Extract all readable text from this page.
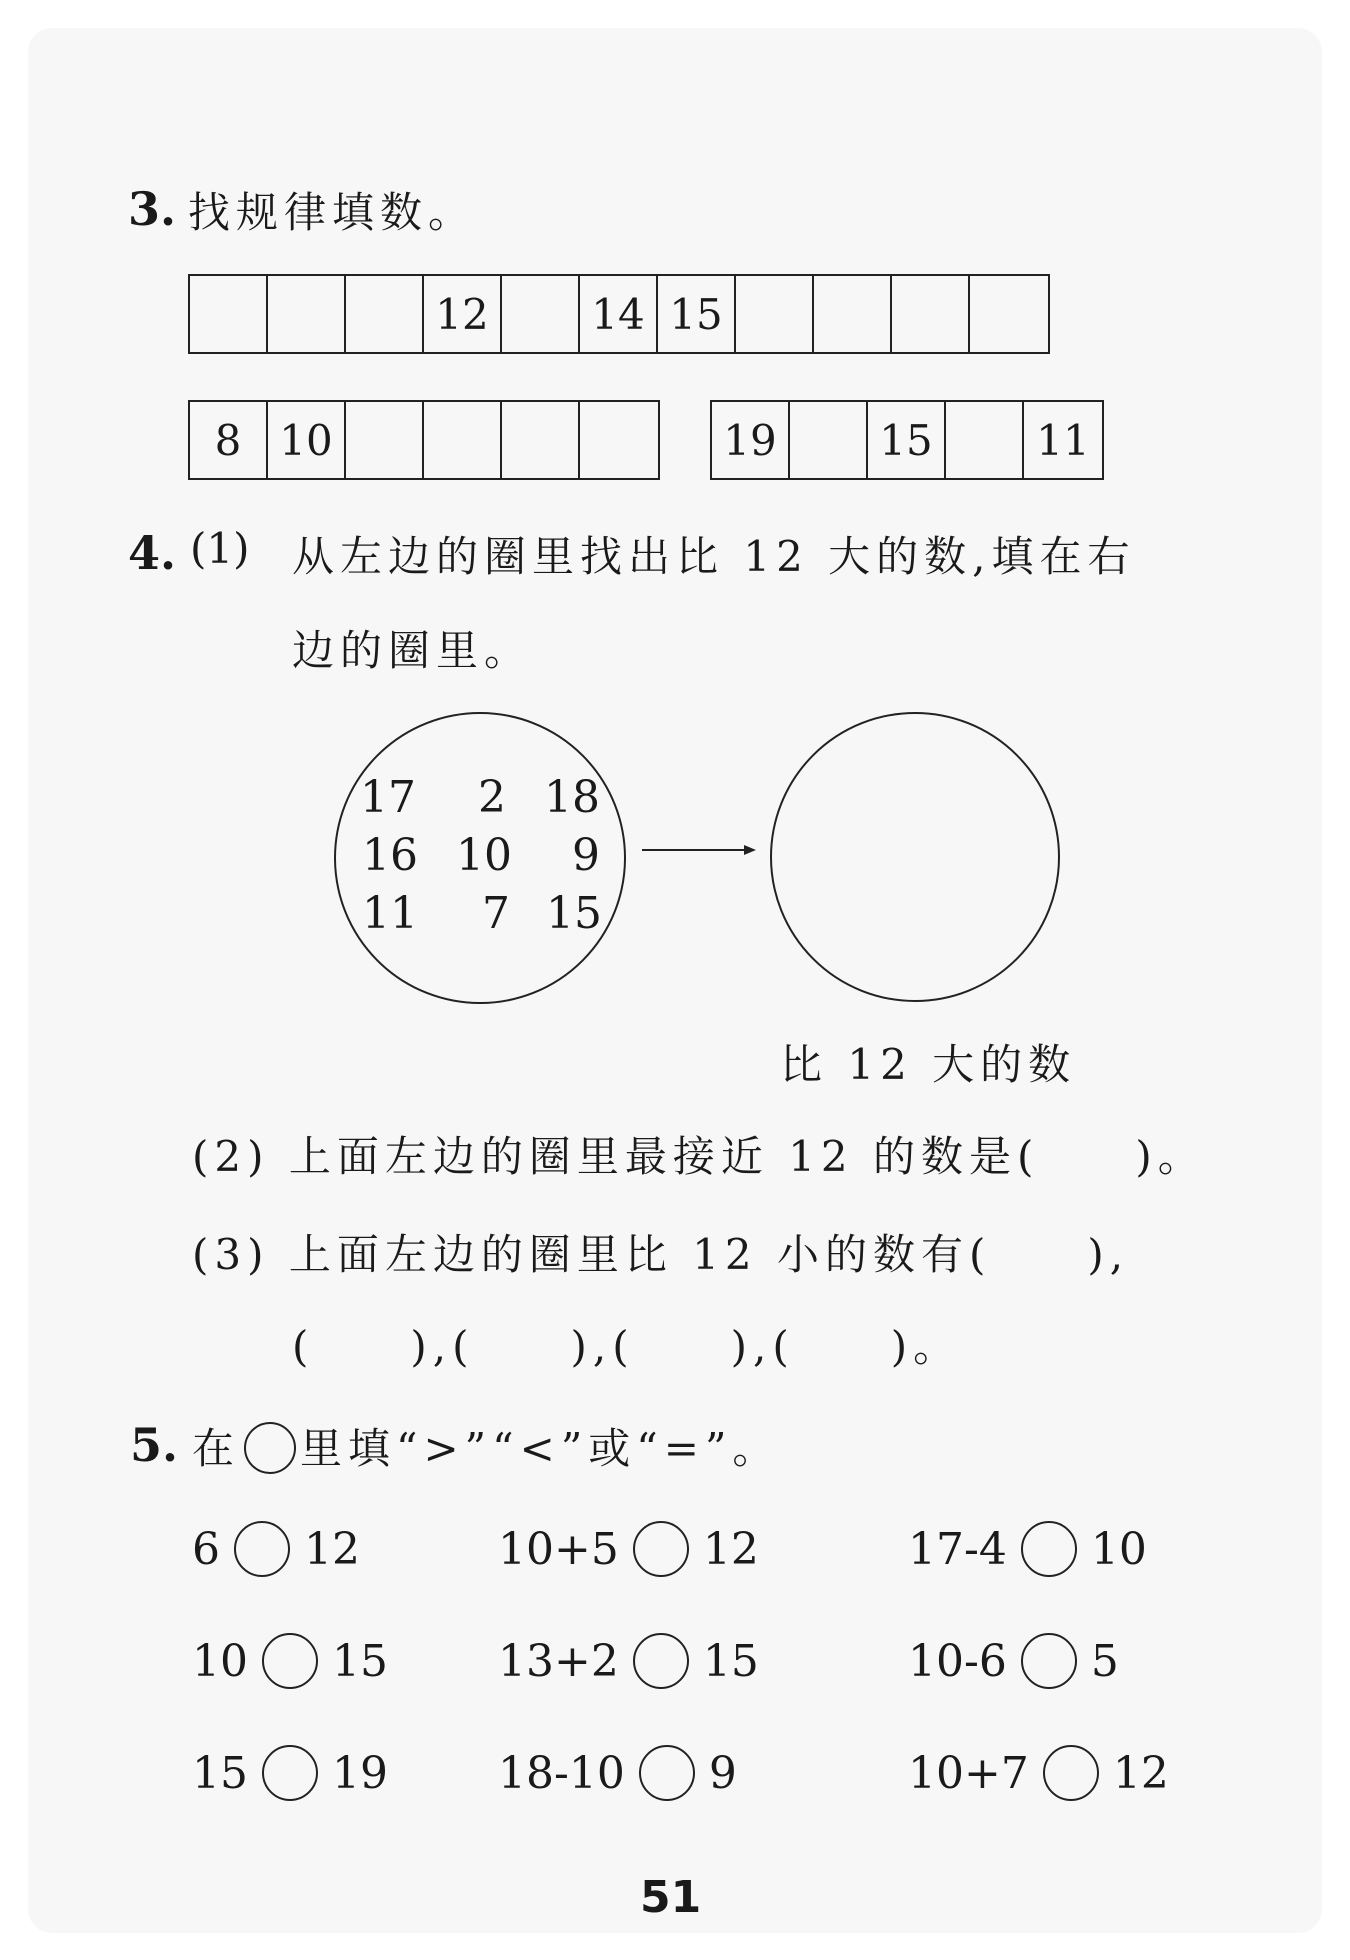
3. 找规律填数。
12	14 15
8 10	19	15	11
4. (1) 从左边的圈里找出比 12 大的数,填在右
边的圈里。
17 2 18
16 10 9
11 7 15
比 12 大的数
(2) 上面左边的圈里最接近 12 的数是(　　)。
(3) 上面左边的圈里比 12 小的数有(　　),
(　　),(　　),(　　),(　　)。
5. 在 里填“>”“<”或“=”。
6 12	10+5 12	17-4 10
10 15	13+2 15	10-6 5
15 19	18-10 9	10+7 12
51
